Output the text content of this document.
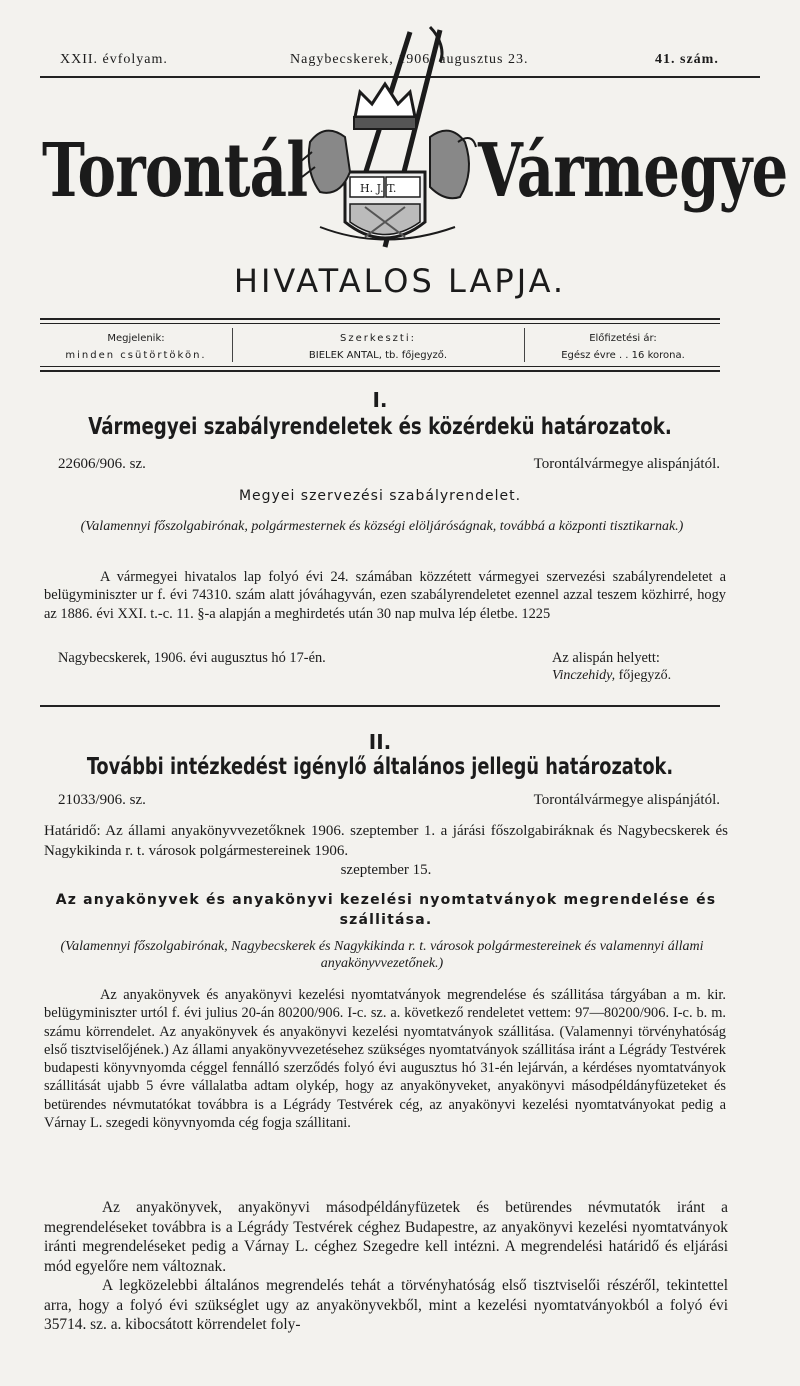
XXII. évfolyam.	Nagybecskerek, 1906. augusztus 23.	41. szám.
H. J. T.
Torontál Vármegye
HIVATALOS LAPJA.
Megjelenik:
minden csütörtökön.
Szerkeszti:
BIELEK ANTAL, tb. főjegyző.
Előfizetési ár:
Egész évre . . 16 korona.
I.
Vármegyei szabályrendeletek és közérdekü határozatok.
22606/906. sz.	Torontálvármegye alispánjától.
Megyei szervezési szabályrendelet.
(Valamennyi főszolgabirónak, polgármesternek és községi elöljáróságnak, továbbá a központi tisztikarnak.)
A vármegyei hivatalos lap folyó évi 24. számában közzétett vármegyei szervezési szabályrendeletet a belügyminiszter ur f. évi 74310. szám alatt jóváhagyván, ezen szabályrendeletet ezennel azzal teszem közhirré, hogy az 1886. évi XXI. t.-c. 11. §-a alapján a meghirdetés után 30 nap mulva lép életbe. 1225
Nagybecskerek, 1906. évi augusztus hó 17-én.	Az alispán helyett:
Vinczehidy, főjegyző.
II.
További intézkedést igénylő általános jellegü határozatok.
21033/906. sz.	Torontálvármegye alispánjától.
Határidő: Az állami anyakönyvvezetőknek 1906. szeptember 1. a járási főszolgabiráknak és Nagybecskerek és Nagykikinda r. t. városok polgármestereinek 1906.
szeptember 15.
Az anyakönyvek és anyakönyvi kezelési nyomtatványok megrendelése és szállitása.
(Valamennyi főszolgabirónak, Nagybecskerek és Nagykikinda r. t. városok polgármestereinek és valamennyi állami anyakönyvvezetőnek.)
Az anyakönyvek és anyakönyvi kezelési nyomtatványok megrendelése és szállitása tárgyában a m. kir. belügyminiszter urtól f. évi julius 20-án 80200/906. I-c. sz. a. következő rendeletet vettem: 97—80200/906. I-c. b. m. számu körrendelet. Az anyakönyvek és anyakönyvi kezelési nyomtatványok szállitása. (Valamennyi törvényhatóság első tisztviselőjének.) Az állami anyakönyvvezetésehez szükséges nyomtatványok szállitása iránt a Légrády Testvérek budapesti könyvnyomda céggel fennálló szerződés folyó évi augusztus hó 31-én lejárván, a kérdéses nyomtatványok szállitását ujabb 5 évre vállalatba adtam olykép, hogy az anyakönyveket, anyakönyvi másodpéldányfüzeteket és betürendes névmutatókat továbbra is a Légrády Testvérek cég, az anyakönyvi kezelési nyomtatványokat pedig a Várnay L. szegedi könyvnyomda cég fogja szállitani.
Az anyakönyvek, anyakönyvi másodpéldányfüzetek és betürendes névmutatók iránt a megrendeléseket továbbra is a Légrády Testvérek céghez Budapestre, az anyakönyvi kezelési nyomtatványok iránti megrendeléseket pedig a Várnay L. céghez Szegedre kell intézni. A megrendelési határidő és eljárási mód egyelőre nem változnak.
A legközelebbi általános megrendelés tehát a törvényhatóság első tisztviselői részéről, tekintettel arra, hogy a folyó évi szükséglet ugy az anyakönyvekből, mint a kezelési nyomtatványokból a folyó évi 35714. sz. a. kibocsátott körrendelet foly-
